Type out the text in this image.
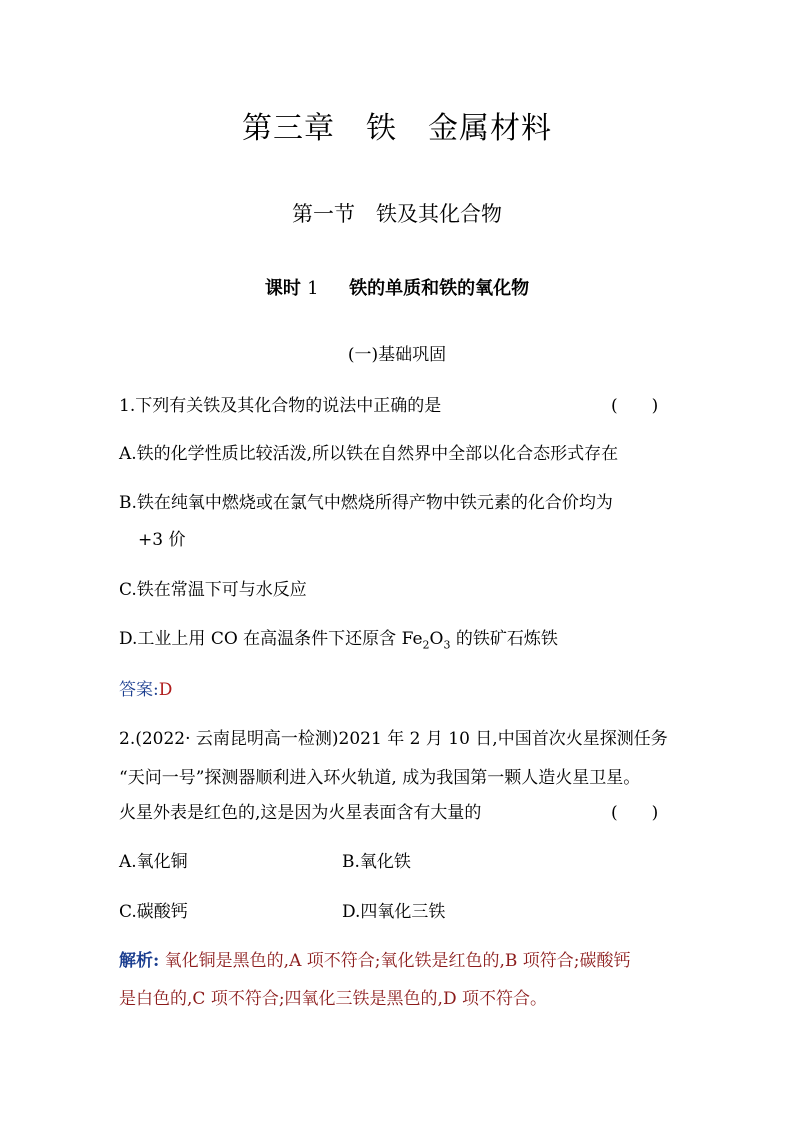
第三章　铁　金属材料
第一节　铁及其化合物
课时 1 铁的单质和铁的氧化物
(一)基础巩固
1.下列有关铁及其化合物的说法中正确的是	(　　)
A.铁的化学性质比较活泼,所以铁在自然界中全部以化合态形式存在
B.铁在纯氧中燃烧或在氯气中燃烧所得产物中铁元素的化合价均为
+3 价
C.铁在常温下可与水反应
D.工业上用 CO 在高温条件下还原含 $Fe_2O_3$ 的铁矿石炼铁
答案:D
2.(2022· 云南昆明高一检测)2021 年 2 月 10 日,中国首次火星探测任务
“天问一号”探测器顺利进入环火轨道, 成为我国第一颗人造火星卫星。
火星外表是红色的,这是因为火星表面含有大量的	(　　)
A.氧化铜	B.氧化铁
C.碳酸钙	D.四氧化三铁
解析: 氧化铜是黑色的,A 项不符合;氧化铁是红色的,B 项符合;碳酸钙
是白色的,C 项不符合;四氧化三铁是黑色的,D 项不符合。
